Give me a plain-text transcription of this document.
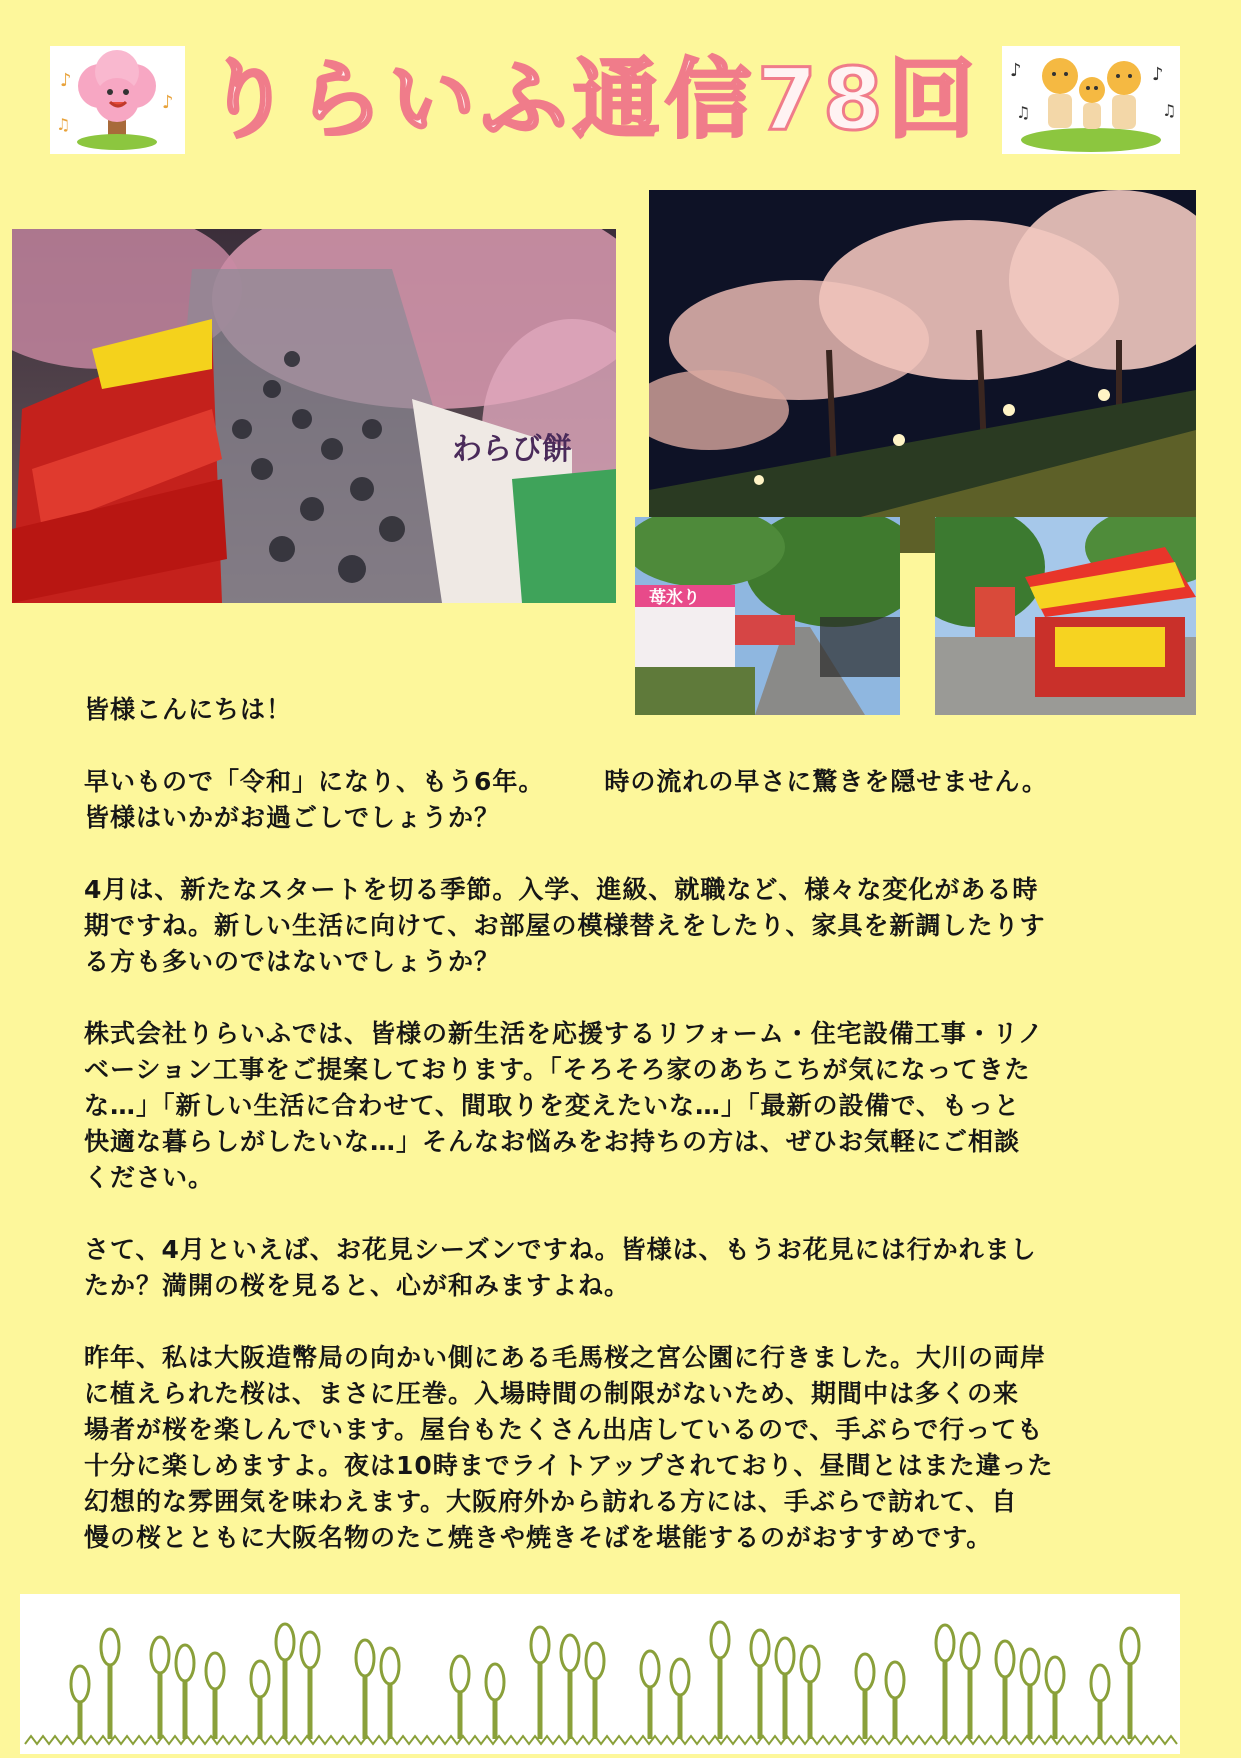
♪
♪
♫ りらいふ通信78回	♪	♪
♫
♫
わらび餅
苺氷り
皆様こんにちは！
早いもので「令和」になり、もう6年。 時の流れの早さに驚きを隠せません。
皆様はいかがお過ごしでしょうか？
4月は、新たなスタートを切る季節。入学、進級、就職など、様々な変化がある時
期ですね。新しい生活に向けて、お部屋の模様替えをしたり、家具を新調したりす
る方も多いのではないでしょうか？
株式会社りらいふでは、皆様の新生活を応援するリフォーム・住宅設備工事・リノ
ベーション工事をご提案しております。「そろそろ家のあちこちが気になってきた
な…」「新しい生活に合わせて、間取りを変えたいな…」「最新の設備で、もっと
快適な暮らしがしたいな…」そんなお悩みをお持ちの方は、ぜひお気軽にご相談
ください。
さて、4月といえば、お花見シーズンですね。皆様は、もうお花見には行かれまし
たか？満開の桜を見ると、心が和みますよね。
昨年、私は大阪造幣局の向かい側にある毛馬桜之宮公園に行きました。大川の両岸
に植えられた桜は、まさに圧巻。入場時間の制限がないため、期間中は多くの来
場者が桜を楽しんでいます。屋台もたくさん出店しているので、手ぶらで行っても
十分に楽しめますよ。夜は10時までライトアップされており、昼間とはまた違った
幻想的な雰囲気を味わえます。大阪府外から訪れる方には、手ぶらで訪れて、自
慢の桜とともに大阪名物のたこ焼きや焼きそばを堪能するのがおすすめです。
